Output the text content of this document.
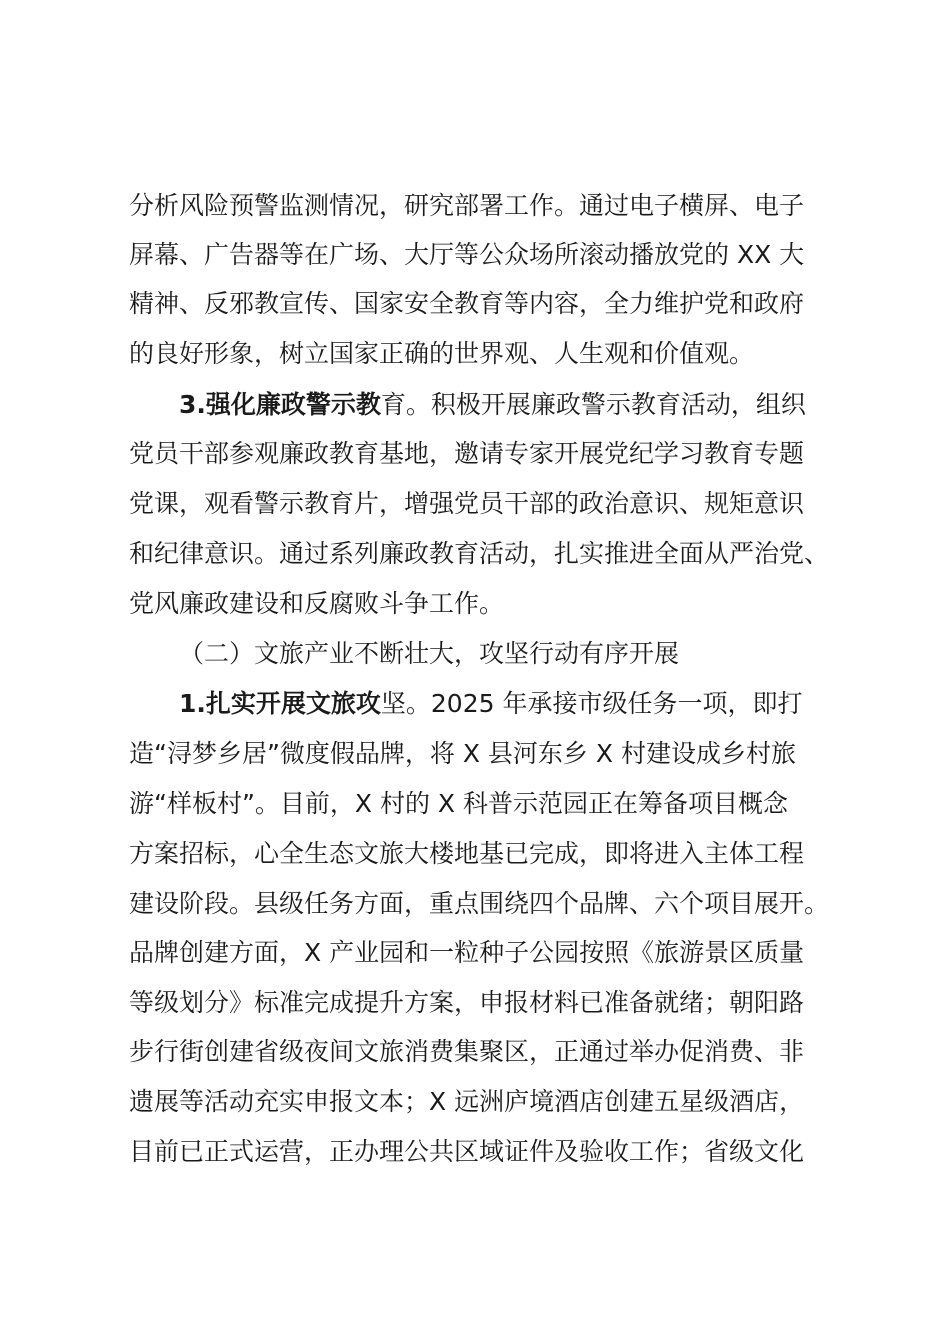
分析风险预警监测情况，研究部署工作。通过电子横屏、电子
屏幕、广告器等在广场、大厅等公众场所滚动播放党的 XX 大
精神、反邪教宣传、国家安全教育等内容，全力维护党和政府
的良好形象，树立国家正确的世界观、人生观和价值观。
3.强化廉政警示教育。积极开展廉政警示教育活动，组织
党员干部参观廉政教育基地，邀请专家开展党纪学习教育专题
党课，观看警示教育片，增强党员干部的政治意识、规矩意识
和纪律意识。通过系列廉政教育活动，扎实推进全面从严治党、
党风廉政建设和反腐败斗争工作。
（二）文旅产业不断壮大，攻坚行动有序开展
1.扎实开展文旅攻坚。2025 年承接市级任务一项，即打
造“浔梦乡居”微度假品牌，将 X 县河东乡 X 村建设成乡村旅
游“样板村”。目前，X 村的 X 科普示范园正在筹备项目概念
方案招标，心全生态文旅大楼地基已完成，即将进入主体工程
建设阶段。县级任务方面，重点围绕四个品牌、六个项目展开。
品牌创建方面，X 产业园和一粒种子公园按照《旅游景区质量
等级划分》标准完成提升方案，申报材料已准备就绪；朝阳路
步行街创建省级夜间文旅消费集聚区，正通过举办促消费、非
遗展等活动充实申报文本；X 远洲庐境酒店创建五星级酒店，
目前已正式运营，正办理公共区域证件及验收工作；省级文化
